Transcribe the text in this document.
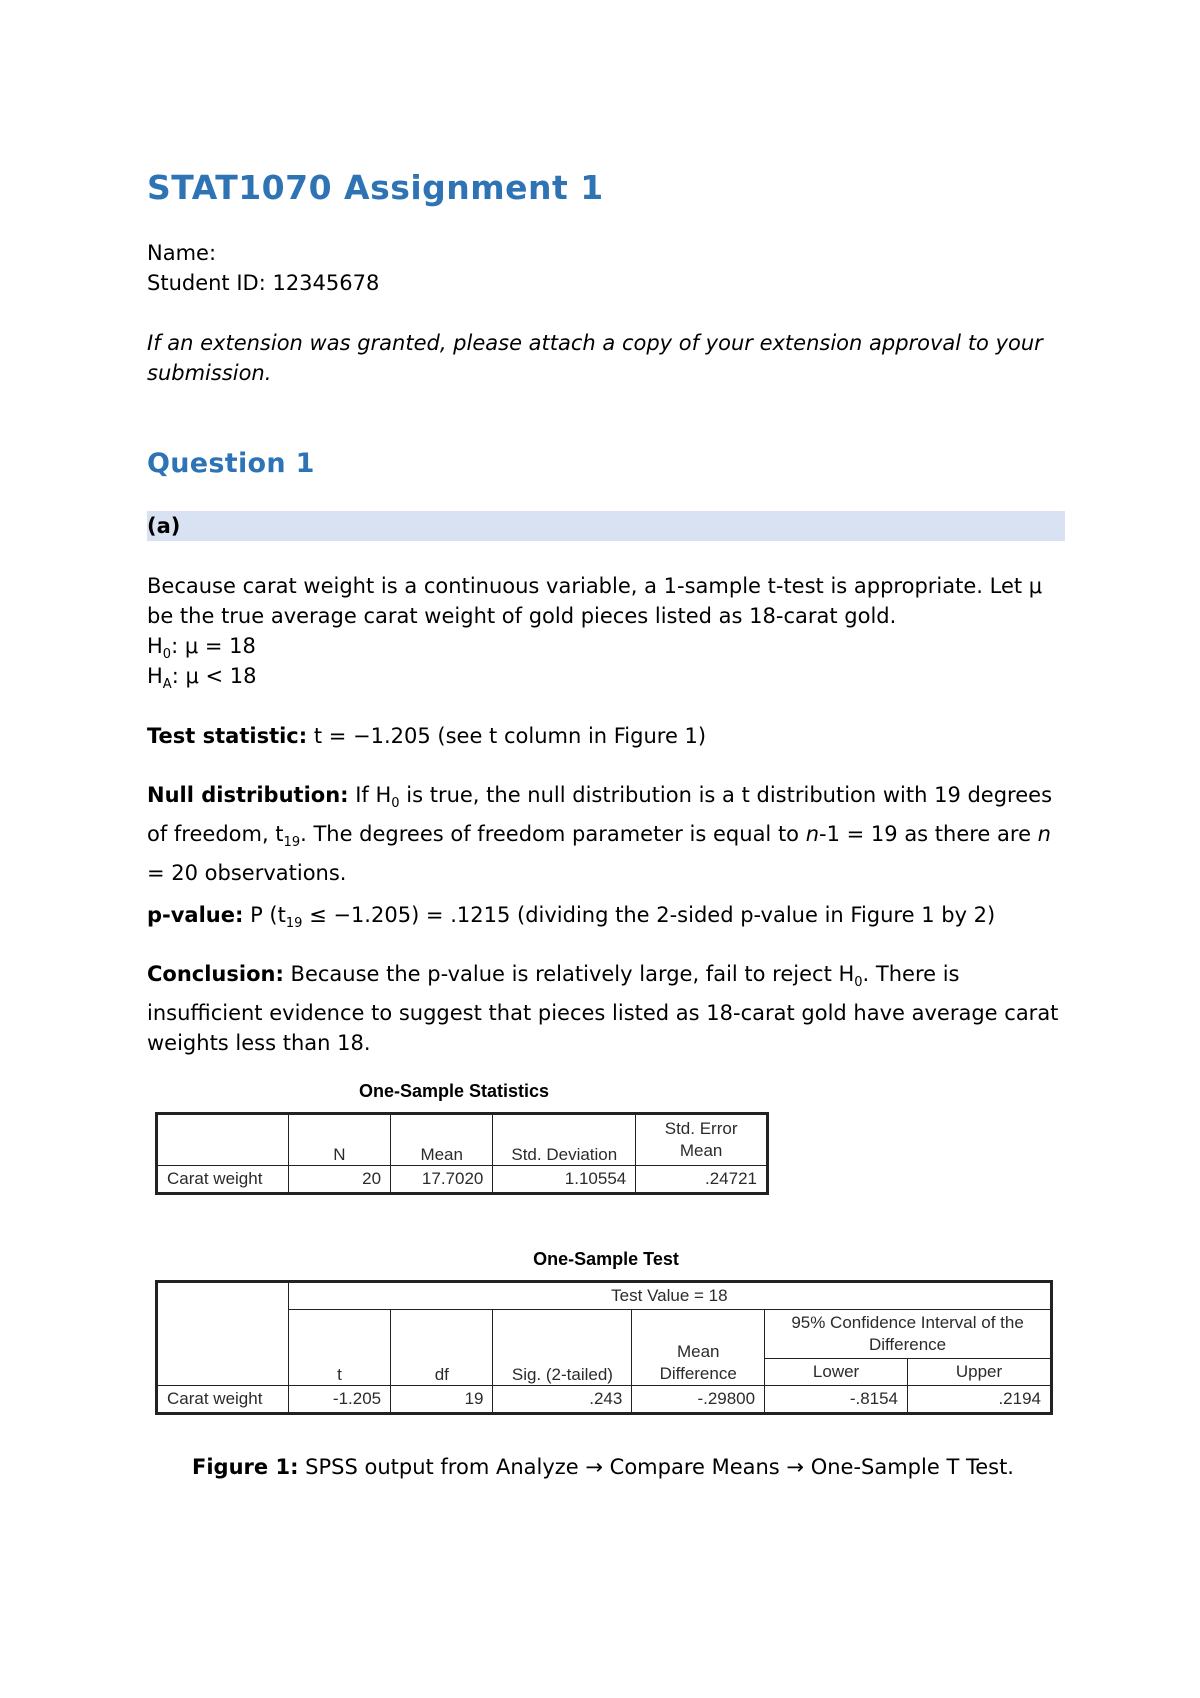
STAT1070 Assignment 1

Name:

Student ID: 12345678

If an extension was granted, please attach a copy of your extension approval to your submission.

Question 1
(a)

Because carat weight is a continuous variable, a 1-sample t-test is appropriate. Let μ be the true average carat weight of gold pieces listed as 18-carat gold.

$H_0$: μ = 18

$H_A$: μ < 18

Test statistic: t = −1.205 (see t column in Figure 1)

Null distribution: If $H_0$ is true, the null distribution is a t distribution with 19 degrees of freedom, $t_{19}$. The degrees of freedom parameter is equal to n-1 = 19 as there are n = 20 observations.

p-value: P $(t_{19} \le -1.205) = .1215$ (dividing the 2-sided p-value in Figure 1 by 2)

Conclusion: Because the p-value is relatively large, fail to reject $H_0$. There is insufficient evidence to suggest that pieces listed as 18-carat gold have average carat weights less than 18.

One-Sample Statistics
	N	Mean	Std. Deviation	Std. Error Mean
Carat weight	20	17.7020	1.10554	.24721
One-Sample Test
	Test Value = 18					
	t	df	Sig. (2-tailed)	Mean Difference	95% Confidence Interval of the Difference	
					Lower	Upper
Carat weight	-1.205	19	.243	-.29800	-.8154	.2194

Figure 1: SPSS output from Analyze → Compare Means → One-Sample T Test.
